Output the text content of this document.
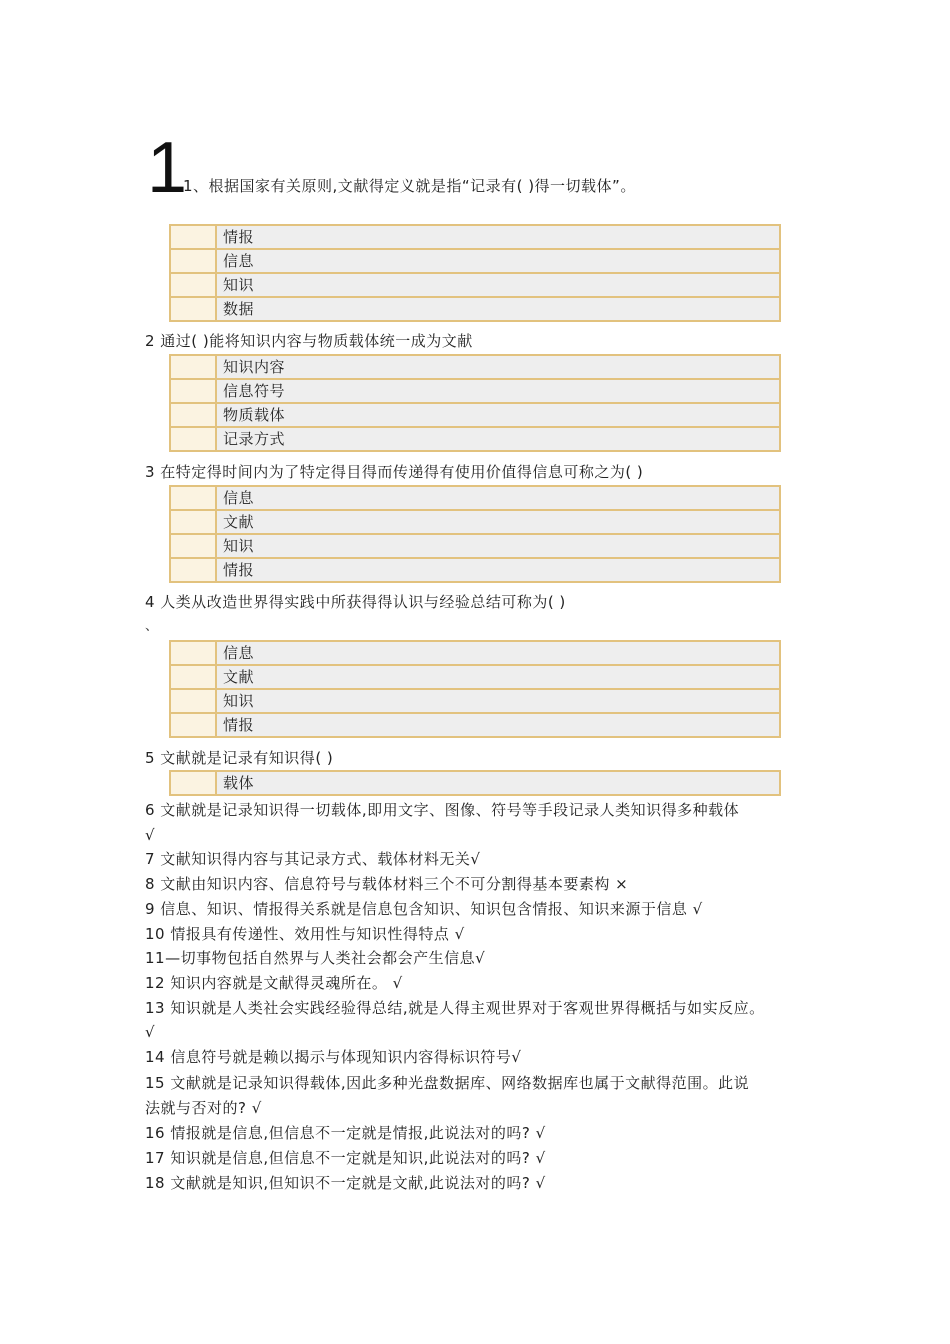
1
1、根据国家有关原则,文献得定义就是指“记录有( )得一切载体”。
	情报
	信息
	知识
	数据
2 通过( )能将知识内容与物质载体统一成为文献
	知识内容
	信息符号
	物质载体
	记录方式
3 在特定得时间内为了特定得目得而传递得有使用价值得信息可称之为( )
	信息
	文献
	知识
	情报
4 人类从改造世界得实践中所获得得认识与经验总结可称为( )
、
	信息
	文献
	知识
	情报
5 文献就是记录有知识得( )
	载体
6 文献就是记录知识得一切载体,即用文字、图像、符号等手段记录人类知识得多种载体
√
7 文献知识得内容与其记录方式、载体材料无关√
8 文献由知识内容、信息符号与载体材料三个不可分割得基本要素构 ×
9 信息、知识、情报得关系就是信息包含知识、知识包含情报、知识来源于信息 √
10 情报具有传递性、效用性与知识性得特点 √
11—切事物包括自然界与人类社会都会产生信息√
12 知识内容就是文献得灵魂所在。 √
13 知识就是人类社会实践经验得总结,就是人得主观世界对于客观世界得概括与如实反应。
√
14 信息符号就是赖以揭示与体现知识内容得标识符号√
15 文献就是记录知识得载体,因此多种光盘数据库、网络数据库也属于文献得范围。此说
法就与否对的? √
16 情报就是信息,但信息不一定就是情报,此说法对的吗? √
17 知识就是信息,但信息不一定就是知识,此说法对的吗? √
18 文献就是知识,但知识不一定就是文献,此说法对的吗? √
